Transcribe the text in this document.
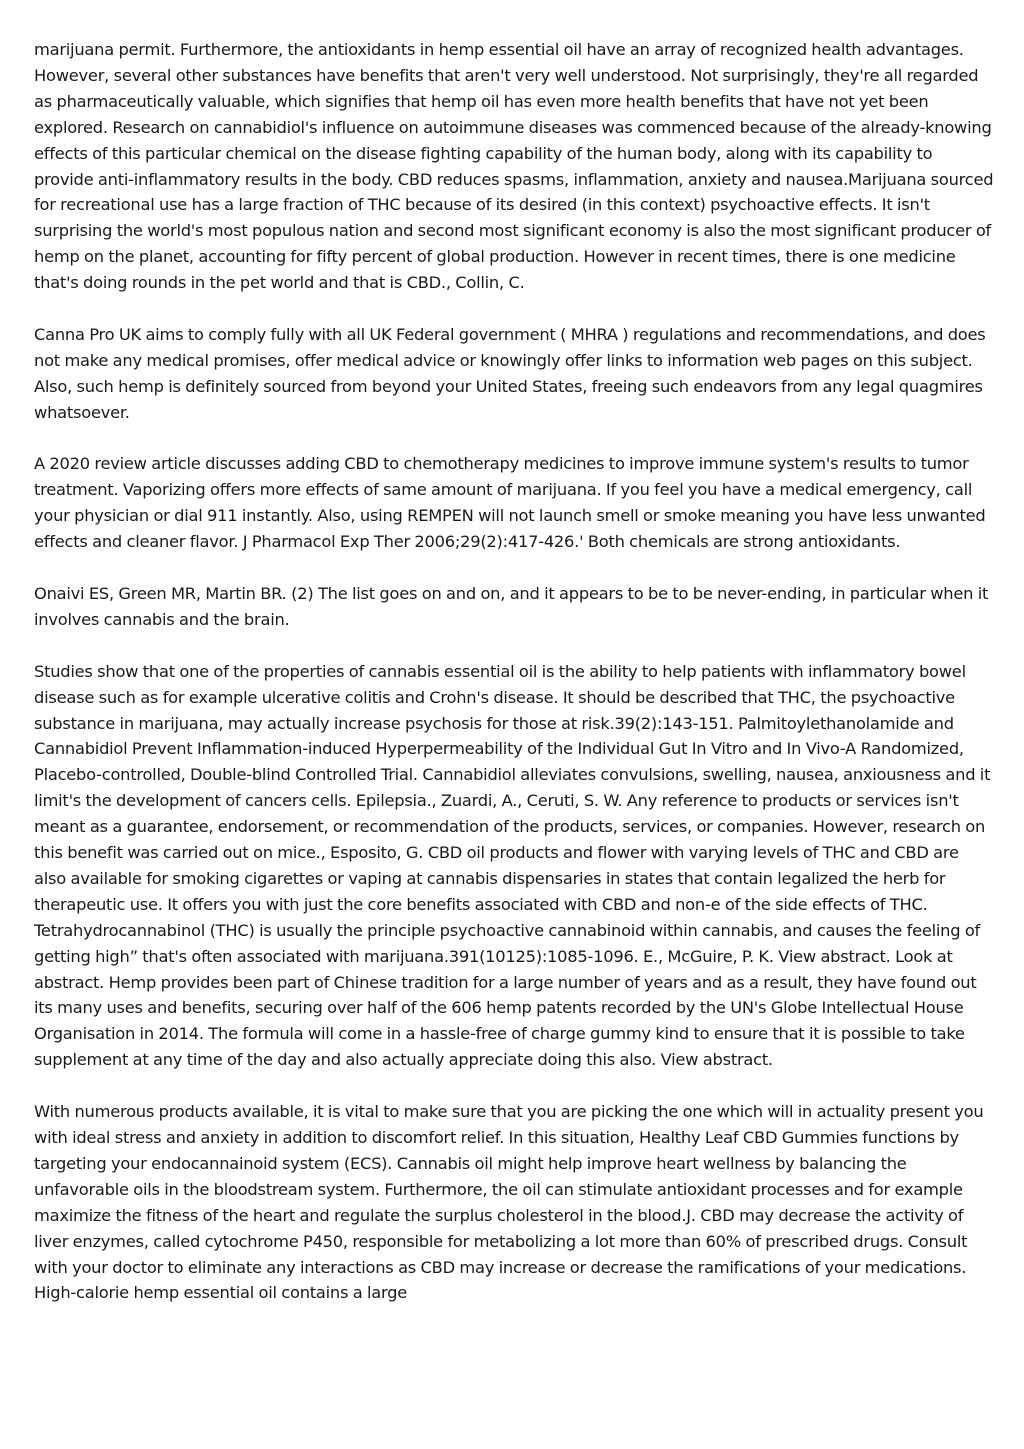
marijuana permit. Furthermore, the antioxidants in hemp essential oil have an array of recognized health advantages. However, several other substances have benefits that aren't very well understood. Not surprisingly, they're all regarded as pharmaceutically valuable, which signifies that hemp oil has even more health benefits that have not yet been explored. Research on cannabidiol's influence on autoimmune diseases was commenced because of the already-knowing effects of this particular chemical on the disease fighting capability of the human body, along with its capability to provide anti-inflammatory results in the body. CBD reduces spasms, inflammation, anxiety and nausea.Marijuana sourced for recreational use has a large fraction of THC because of its desired (in this context) psychoactive effects. It isn't surprising the world's most populous nation and second most significant economy is also the most significant producer of hemp on the planet, accounting for fifty percent of global production. However in recent times, there is one medicine that's doing rounds in the pet world and that is CBD., Collin, C.

Canna Pro UK aims to comply fully with all UK Federal government ( MHRA ) regulations and recommendations, and does not make any medical promises, offer medical advice or knowingly offer links to information web pages on this subject. Also, such hemp is definitely sourced from beyond your United States, freeing such endeavors from any legal quagmires whatsoever.

A 2020 review article discusses adding CBD to chemotherapy medicines to improve immune system's results to tumor treatment. Vaporizing offers more effects of same amount of marijuana. If you feel you have a medical emergency, call your physician or dial 911 instantly. Also, using REMPEN will not launch smell or smoke meaning you have less unwanted effects and cleaner flavor. J Pharmacol Exp Ther 2006;29(2):417-426.' Both chemicals are strong antioxidants.

Onaivi ES, Green MR, Martin BR. (2) The list goes on and on, and it appears to be to be never-ending, in particular when it involves cannabis and the brain.

Studies show that one of the properties of cannabis essential oil is the ability to help patients with inflammatory bowel disease such as for example ulcerative colitis and Crohn's disease. It should be described that THC, the psychoactive substance in marijuana, may actually increase psychosis for those at risk.39(2):143-151. Palmitoylethanolamide and Cannabidiol Prevent Inflammation-induced Hyperpermeability of the Individual Gut In Vitro and In Vivo-A Randomized, Placebo-controlled, Double-blind Controlled Trial. Cannabidiol alleviates convulsions, swelling, nausea, anxiousness and it limit's the development of cancers cells. Epilepsia., Zuardi, A., Ceruti, S. W. Any reference to products or services isn't meant as a guarantee, endorsement, or recommendation of the products, services, or companies. However, research on this benefit was carried out on mice., Esposito, G. CBD oil products and flower with varying levels of THC and CBD are also available for smoking cigarettes or vaping at cannabis dispensaries in states that contain legalized the herb for therapeutic use. It offers you with just the core benefits associated with CBD and non-e of the side effects of THC. Tetrahydrocannabinol (THC) is usually the principle psychoactive cannabinoid within cannabis, and causes the feeling of getting high” that's often associated with marijuana.391(10125):1085-1096. E., McGuire, P. K. View abstract. Look at abstract. Hemp provides been part of Chinese tradition for a large number of years and as a result, they have found out its many uses and benefits, securing over half of the 606 hemp patents recorded by the UN's Globe Intellectual House Organisation in 2014. The formula will come in a hassle-free of charge gummy kind to ensure that it is possible to take supplement at any time of the day and also actually appreciate doing this also. View abstract.

With numerous products available, it is vital to make sure that you are picking the one which will in actuality present you with ideal stress and anxiety in addition to discomfort relief. In this situation, Healthy Leaf CBD Gummies functions by targeting your endocannainoid system (ECS). Cannabis oil might help improve heart wellness by balancing the unfavorable oils in the bloodstream system. Furthermore, the oil can stimulate antioxidant processes and for example maximize the fitness of the heart and regulate the surplus cholesterol in the blood.J. CBD may decrease the activity of liver enzymes, called cytochrome P450, responsible for metabolizing a lot more than 60% of prescribed drugs. Consult with your doctor to eliminate any interactions as CBD may increase or decrease the ramifications of your medications. High-calorie hemp essential oil contains a large
